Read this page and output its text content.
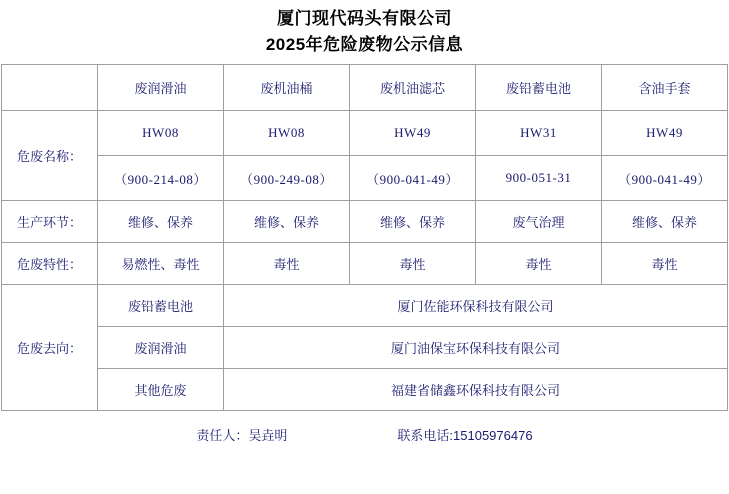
厦门现代码头有限公司
2025年危险废物公示信息
	废润滑油	废机油桶	废机油滤芯	废铅蓄电池	含油手套
危废名称：	HW08	HW08	HW49	HW31	HW49
	（900-214-08）	（900-249-08）	（900-041-49）	900-051-31	（900-041-49）
生产环节：	维修、保养	维修、保养	维修、保养	废气治理	维修、保养
危废特性：	易燃性、毒性	毒性	毒性	毒性	毒性
危废去向：	废铅蓄电池	厦门佐能环保科技有限公司			
	废润滑油	厦门油保宝环保科技有限公司			
	其他危废	福建省储鑫环保科技有限公司			
责任人：吴垚明	联系电话:15105976476
